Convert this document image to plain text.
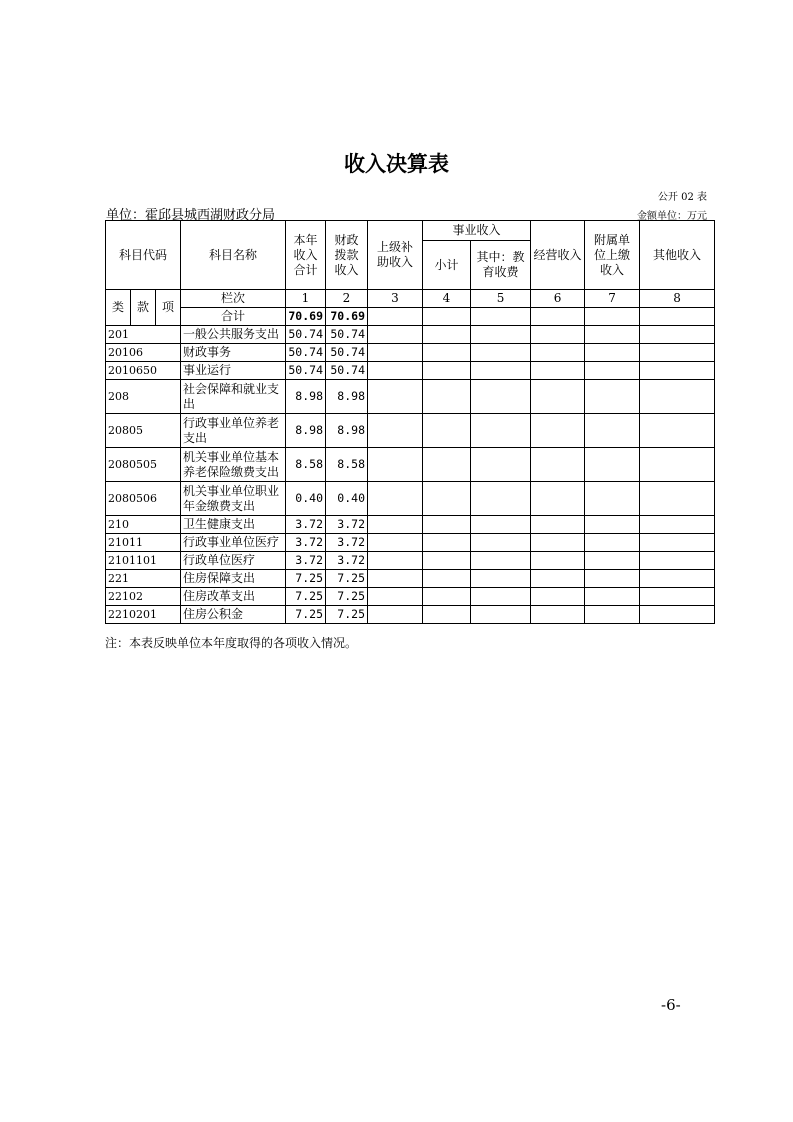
收入决算表
公开 02 表
单位：霍邱县城西湖财政分局	金额单位：万元
科目代码			科目名称	本年收入合计	财政拨款收入	上级补助收入	事业收入		经营收入	附属单位上缴收入	其他收入
							小计	其中：教育收费			
类	款	项	栏次	1	2	3	4	5	6	7	8
			合计	70.69	70.69						
201			一般公共服务支出	50.74	50.74						
20106			财政事务	50.74	50.74						
2010650			事业运行	50.74	50.74						
208			社会保障和就业支出	8.98	8.98						
20805			行政事业单位养老支出	8.98	8.98						
2080505			机关事业单位基本养老保险缴费支出	8.58	8.58						
2080506			机关事业单位职业年金缴费支出	0.40	0.40						
210			卫生健康支出	3.72	3.72						
21011			行政事业单位医疗	3.72	3.72						
2101101			行政单位医疗	3.72	3.72						
221			住房保障支出	7.25	7.25						
22102			住房改革支出	7.25	7.25						
2210201			住房公积金	7.25	7.25						
注：本表反映单位本年度取得的各项收入情况。
-6-
